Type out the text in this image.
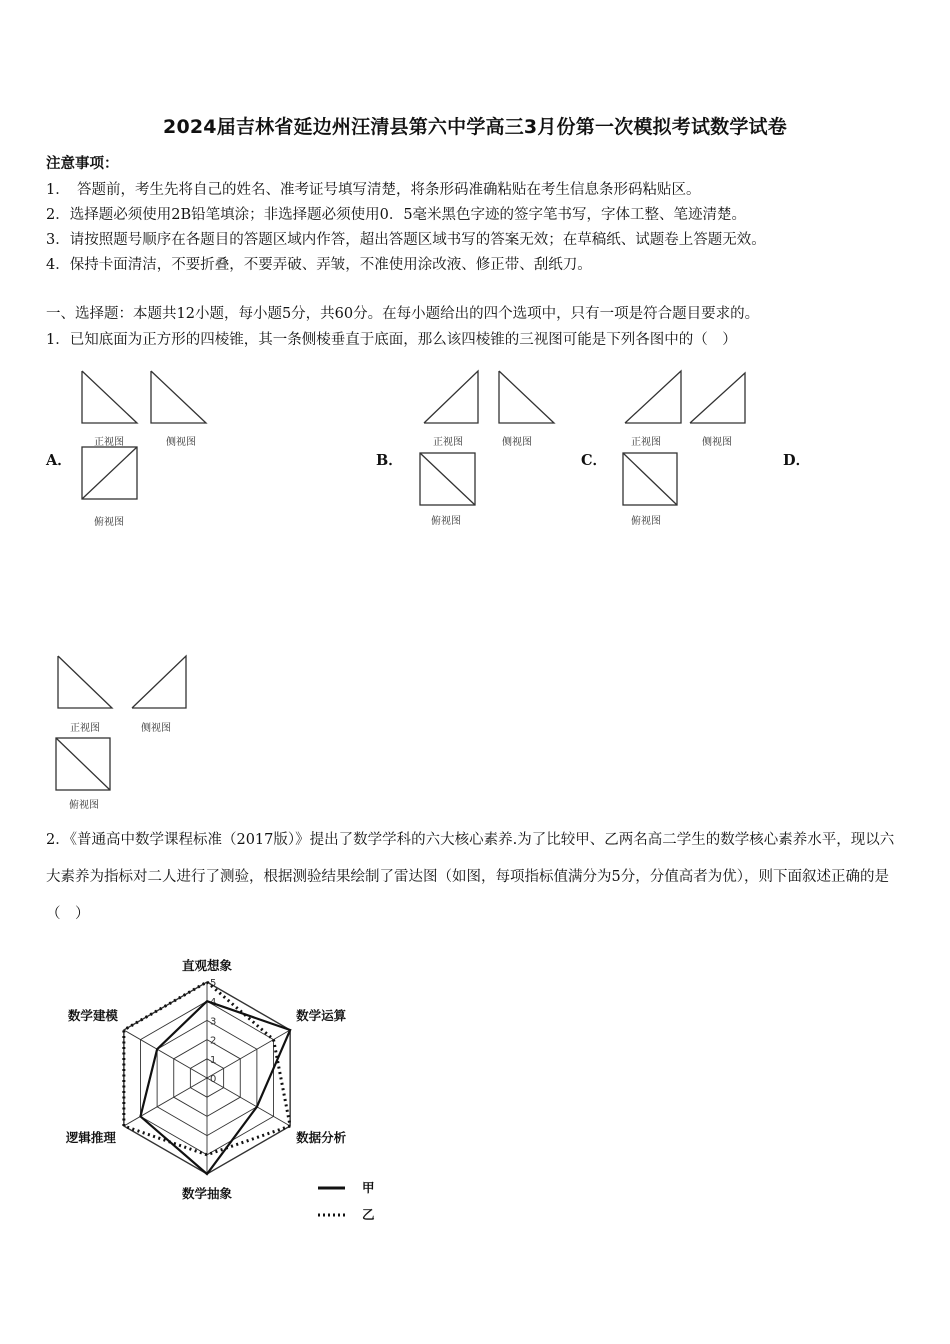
2024届吉林省延边州汪清县第六中学高三3月份第一次模拟考试数学试卷
注意事项：
1．　答题前，考生先将自己的姓名、准考证号填写清楚，将条形码准确粘贴在考生信息条形码粘贴区。
2．选择题必须使用2B铅笔填涂；非选择题必须使用0．5毫米黑色字迹的签字笔书写，字体工整、笔迹清楚。
3．请按照题号顺序在各题目的答题区域内作答，超出答题区域书写的答案无效；在草稿纸、试题卷上答题无效。
4．保持卡面清洁，不要折叠，不要弄破、弄皱，不准使用涂改液、修正带、刮纸刀。
一、选择题：本题共12小题，每小题5分，共60分。在每小题给出的四个选项中，只有一项是符合题目要求的。
1．已知底面为正方形的四棱锥，其一条侧棱垂直于底面，那么该四棱锥的三视图可能是下列各图中的（　）
正视图	侧视图
俯视图
A．
正视图	侧视图
俯视图
B．
正视图	侧视图
俯视图
C．	D．
正视图	侧视图
俯视图
2．《普通高中数学课程标准（2017版）》提出了数学学科的六大核心素养.为了比较甲、乙两名高二学生的数学核心素养水平，现以六大素养为指标对二人进行了测验，根据测验结果绘制了雷达图（如图，每项指标值满分为5分，分值高者为优），则下面叙述正确的是（　）
0
1
2
3
4
5
直观想象
数学运算
数据分析
数学抽象
逻辑推理
数学建模
甲
乙
